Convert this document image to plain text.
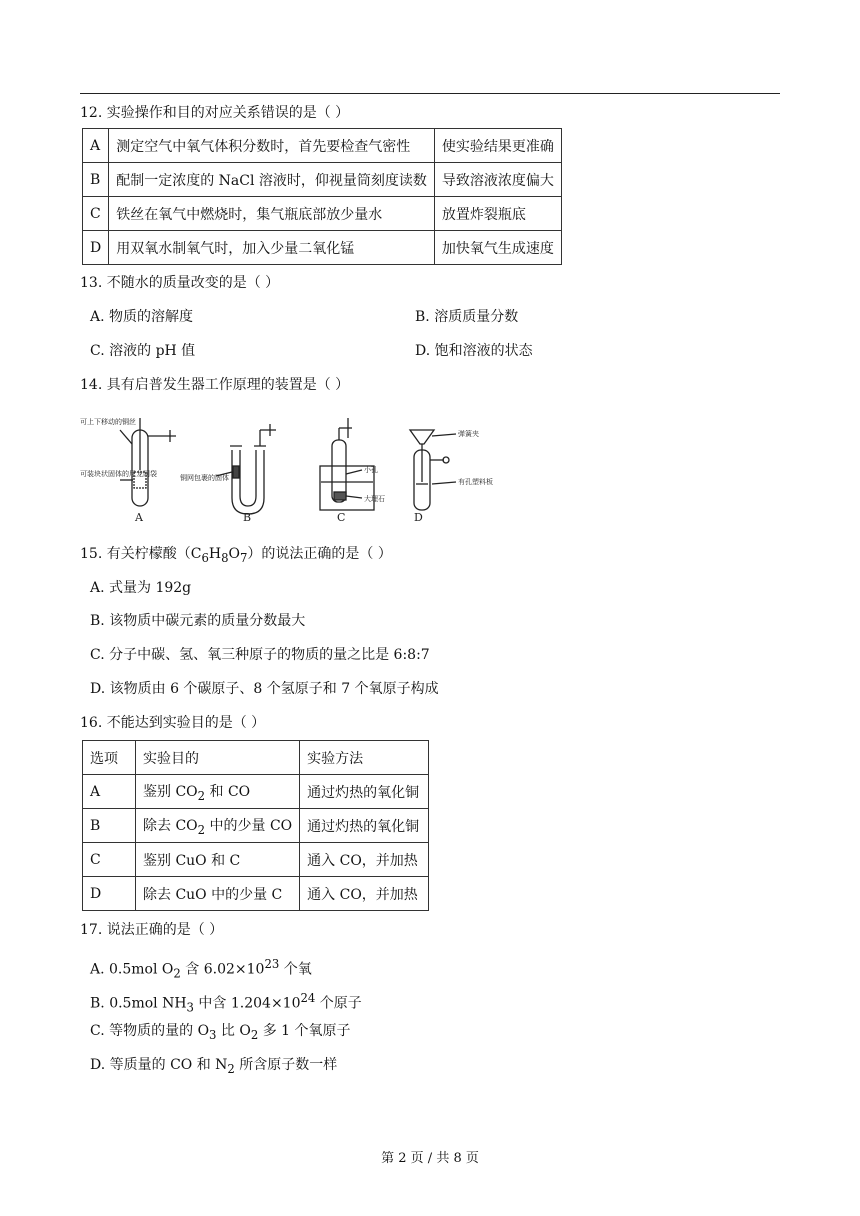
12. 实验操作和目的对应关系错误的是（ ）
A	测定空气中氧气体积分数时，首先要检查气密性	使实验结果更准确
B	配制一定浓度的 NaCl 溶液时，仰视量筒刻度读数	导致溶液浓度偏大
C	铁丝在氧气中燃烧时，集气瓶底部放少量水	放置炸裂瓶底
D	用双氧水制氧气时，加入少量二氧化锰	加快氧气生成速度
13. 不随水的质量改变的是（ ）
A. 物质的溶解度	B. 溶质质量分数
C. 溶液的 pH 值	D. 饱和溶液的状态
14. 具有启普发生器工作原理的装置是（ ）
可上下移动的铜丝
可装块状固体的尼龙网袋	铜网包裹的固体
小孔
大理石
弹簧夹
有孔塑料板
A	B	C	D
15. 有关柠檬酸$(C_6H_8O_7)$的说法正确的是（ ）
A. 式量为 192g
B. 该物质中碳元素的质量分数最大
C. 分子中碳、氢、氧三种原子的物质的量之比是 6:8:7
D. 该物质由 6 个碳原子、8 个氢原子和 7 个氧原子构成
16. 不能达到实验目的是（ ）
选项	实验目的	实验方法
A	鉴别 $CO_2$ 和 CO	通过灼热的氧化铜
B	除去 $CO_2$ 中的少量 CO	通过灼热的氧化铜
C	鉴别 CuO 和 C	通入 CO，并加热
D	除去 CuO 中的少量 C	通入 CO，并加热
17. 说法正确的是（ ）
A. 0.5mol $O_2$ 含 $6.02\times 10^{23}$ 个氧
B. 0.5mol $NH_3$ 中含 $1.204\times 10^{24}$ 个原子
C. 等物质的量的 $O_3$ 比 $O_2$ 多 1 个氧原子
D. 等质量的 CO 和 $N_2$ 所含原子数一样
第 2 页 / 共 8 页
